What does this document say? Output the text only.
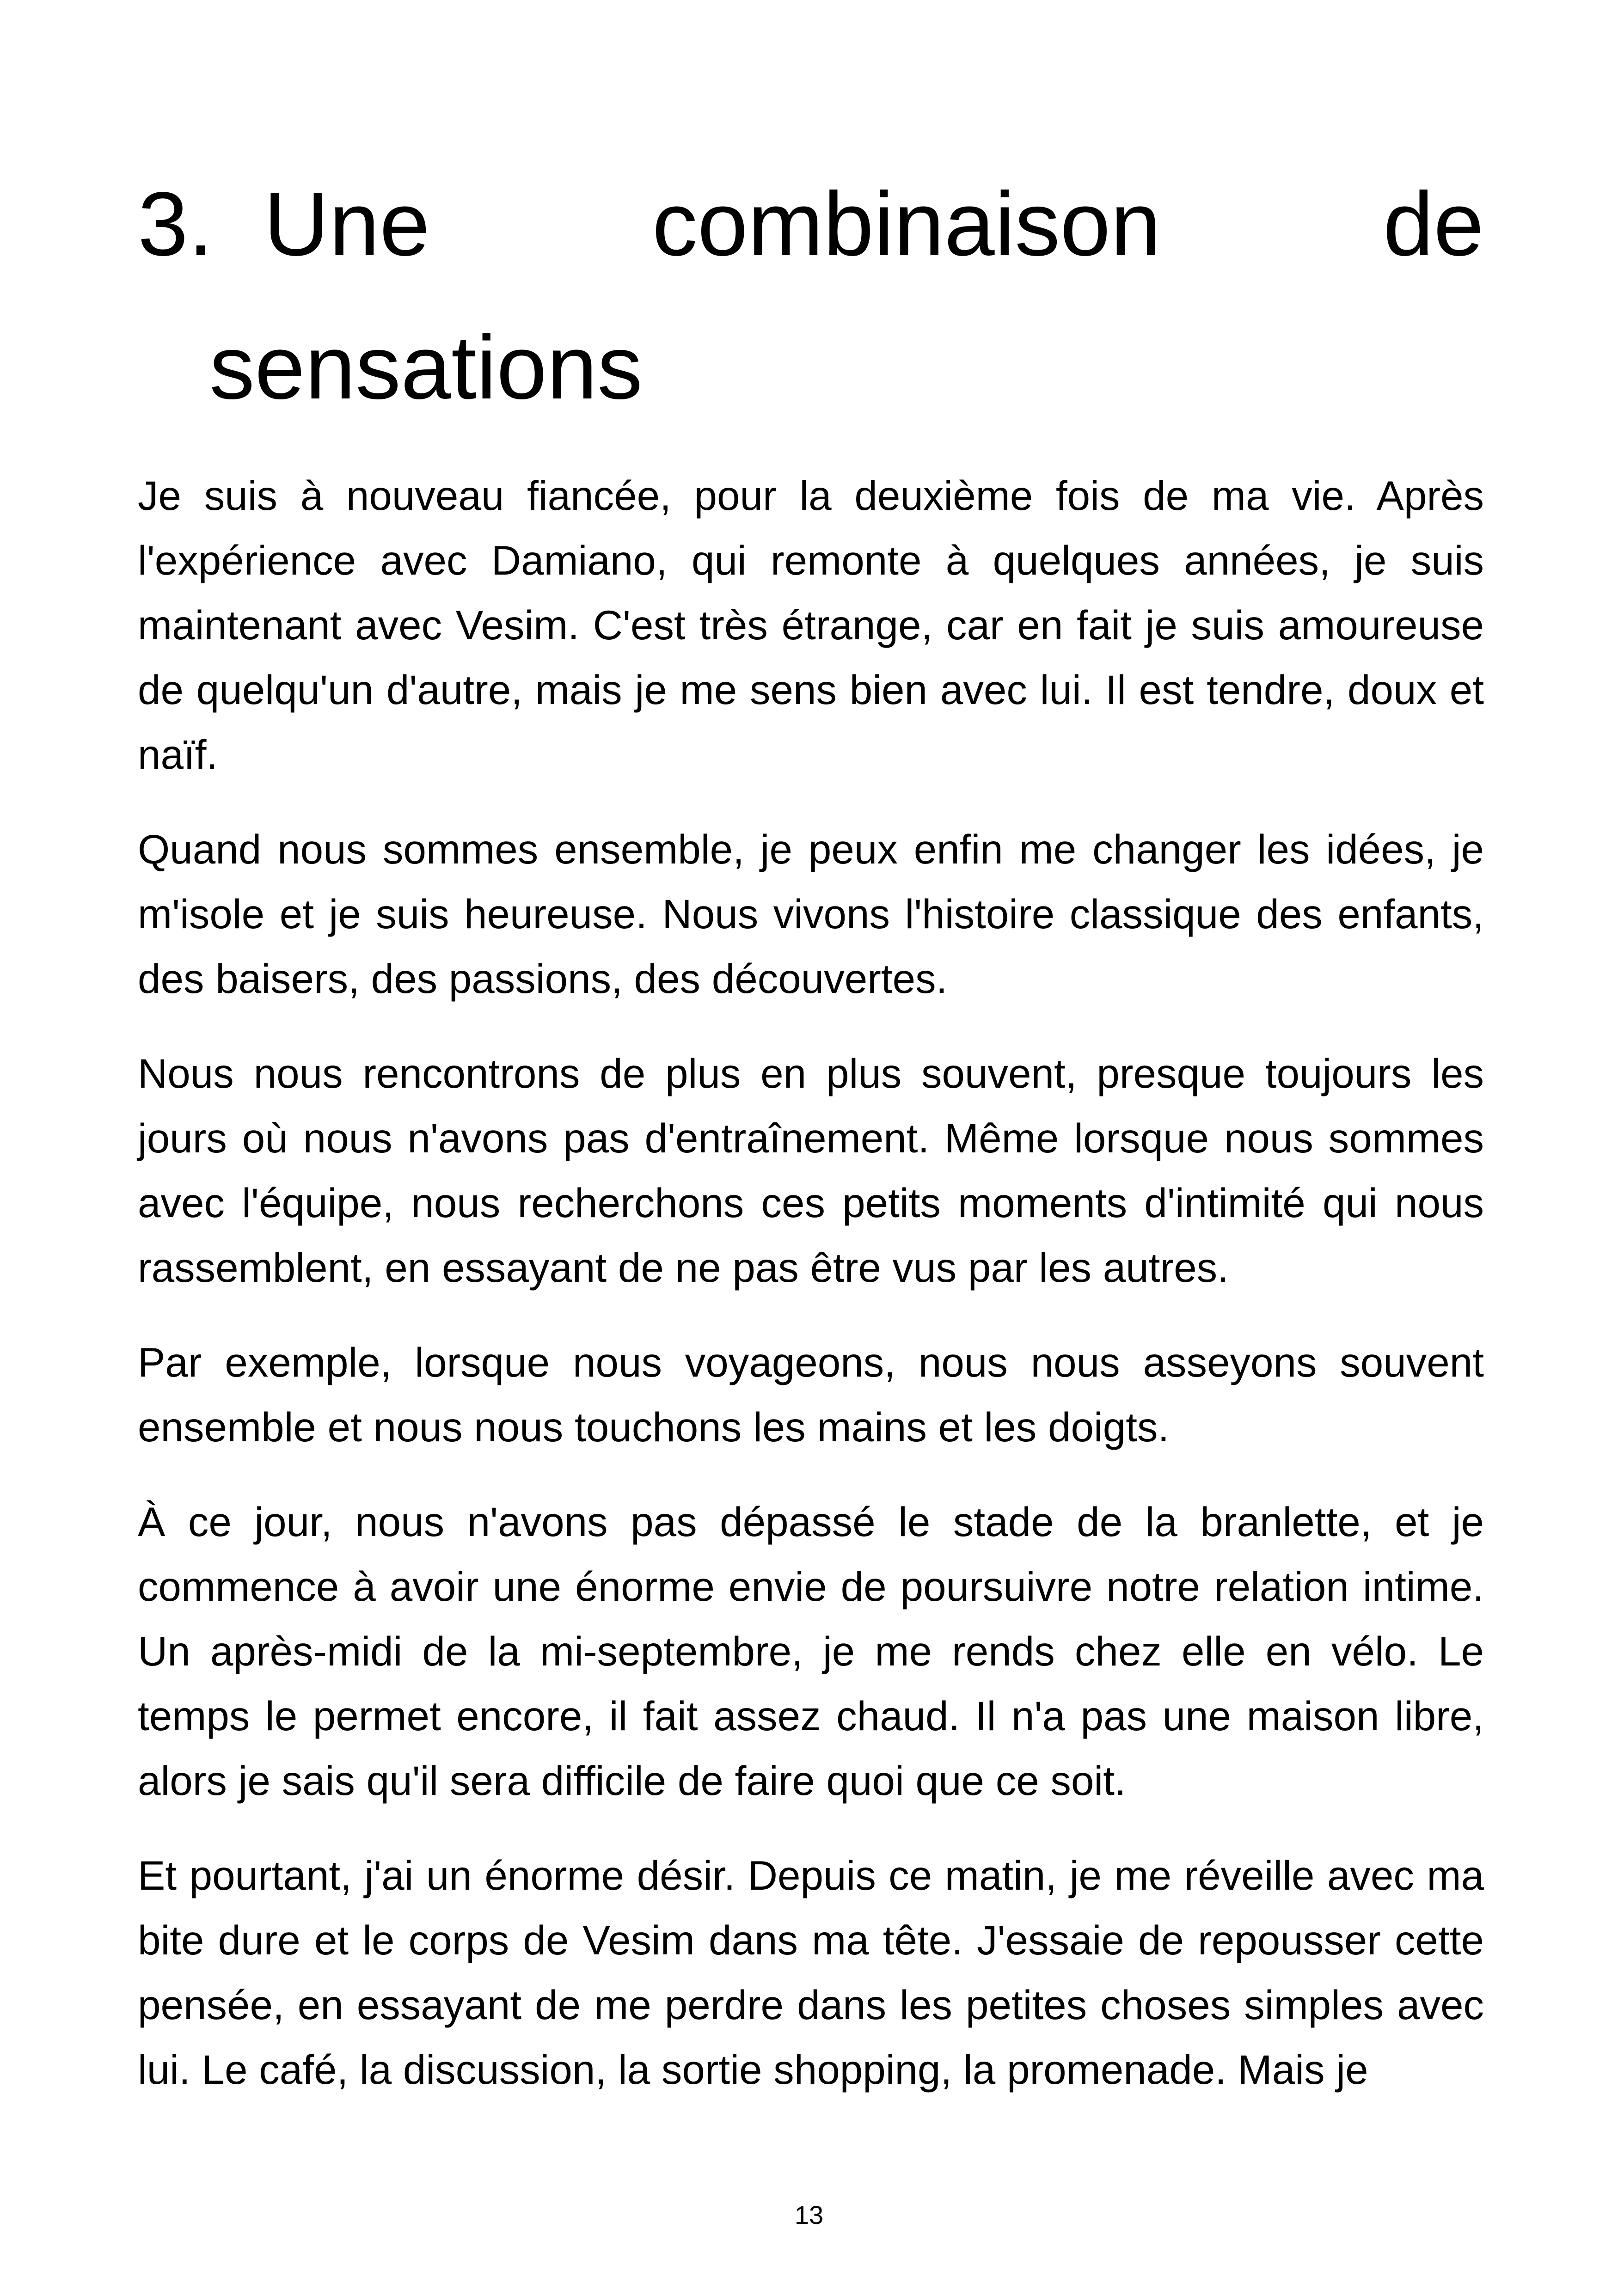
3. Une combinaison de
sensations

Je suis à nouveau fiancée, pour la deuxième fois de ma vie. Après l'expérience avec Damiano, qui remonte à quelques années, je suis maintenant avec Vesim. C'est très étrange, car en fait je suis amoureuse de quelqu'un d'autre, mais je me sens bien avec lui. Il est tendre, doux et naïf.

Quand nous sommes ensemble, je peux enfin me changer les idées, je m'isole et je suis heureuse. Nous vivons l'histoire classique des enfants, des baisers, des passions, des découvertes.

Nous nous rencontrons de plus en plus souvent, presque toujours les jours où nous n'avons pas d'entraînement. Même lorsque nous sommes avec l'équipe, nous recherchons ces petits moments d'intimité qui nous rassemblent, en essayant de ne pas être vus par les autres.

Par exemple, lorsque nous voyageons, nous nous asseyons souvent ensemble et nous nous touchons les mains et les doigts.

À ce jour, nous n'avons pas dépassé le stade de la branlette, et je commence à avoir une énorme envie de poursuivre notre relation intime. Un après-midi de la mi-septembre, je me rends chez elle en vélo. Le temps le permet encore, il fait assez chaud. Il n'a pas une maison libre, alors je sais qu'il sera difficile de faire quoi que ce soit.

Et pourtant, j'ai un énorme désir. Depuis ce matin, je me réveille avec ma bite dure et le corps de Vesim dans ma tête. J'essaie de repousser cette pensée, en essayant de me perdre dans les petites choses simples avec lui. Le café, la discussion, la sortie shopping, la promenade. Mais je

13
